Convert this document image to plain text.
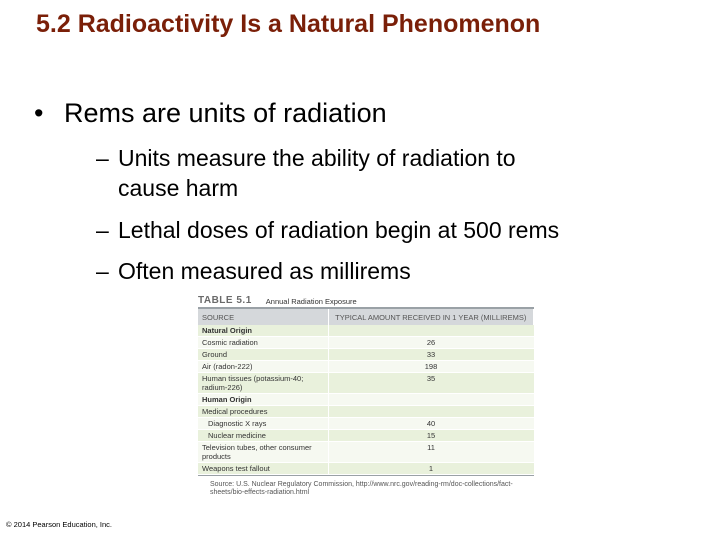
5.2 Radioactivity Is a Natural Phenomenon
• Rems are units of radiation
– Units measure the ability of radiation to
cause harm
– Lethal doses of radiation begin at 500 rems
– Often measured as millirems
TABLE 5.1 Annual Radiation Exposure
SOURCE	TYPICAL AMOUNT RECEIVED IN 1 YEAR (MILLIREMS)
Natural Origin	
Cosmic radiation	26
Ground	33
Air (radon-222)	198
Human tissues (potassium-40; radium-226)	35
Human Origin	
Medical procedures	
Diagnostic X rays	40
Nuclear medicine	15
Television tubes, other consumer products	11
Weapons test fallout	1
Source: U.S. Nuclear Regulatory Commission, http://www.nrc.gov/reading-rm/doc-collections/fact-sheets/bio-effects-radiation.html
© 2014 Pearson Education, Inc.
